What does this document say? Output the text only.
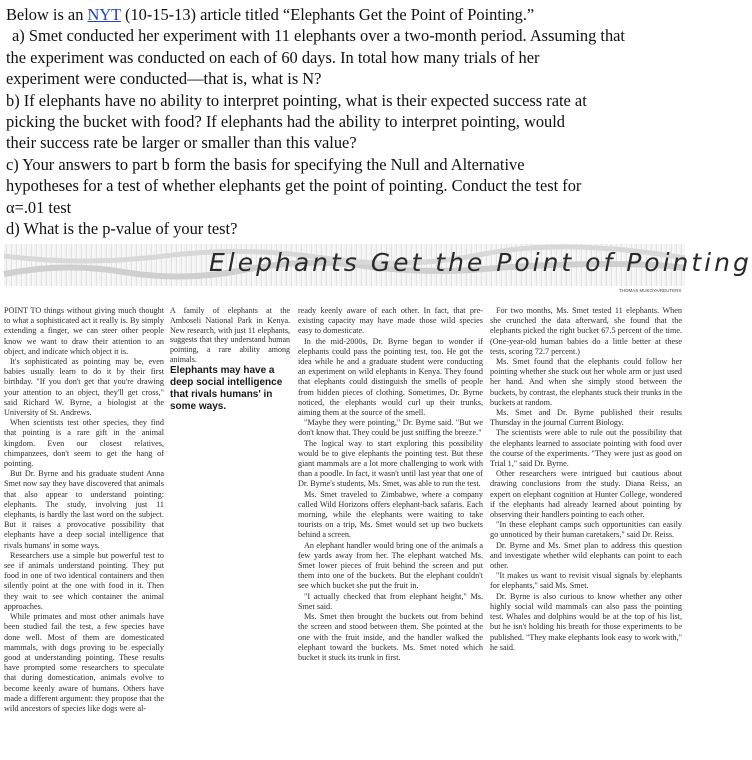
Below is an NYT (10-15-13) article titled “Elephants Get the Point of Pointing.”

a) Smet conducted her experiment with 11 elephants over a two-month period. Assuming that

the experiment was conducted on each of 60 days. In total how many trials of her

experiment were conducted—that is, what is N?

b) If elephants have no ability to interpret pointing, what is their expected success rate at

picking the bucket with food? If elephants had the ability to interpret pointing, would

their success rate be larger or smaller than this value?

c) Your answers to part b form the basis for specifying the Null and Alternative

hypotheses for a test of whether elephants get the point of pointing. Conduct the test for

α=.01 test

d) What is the p-value of your test?

Elephants Get the Point of Pointing
THOMAS MUKOYA/REUTERS

POINT TO things without giving much thought to what a sophisticated act it really is. By simply extending a finger, we can steer other people know we want to draw their attention to an object, and indicate which object it is.

It's sophisticated as pointing may be, even babies usually learn to do it by their first birthday. "If you don't get that you're drawing your attention to an object, they'll get cross," said Richard W. Byrne, a biologist at the University of St. Andrews.

When scientists test other species, they find that pointing is a rare gift in the animal kingdom. Even our closest relatives, chimpanzees, don't seem to get the hang of pointing.

But Dr. Byrne and his graduate student Anna Smet now say they have discovered that animals that also appear to understand pointing: elephants. The study, involving just 11 elephants, is hardly the last word on the subject. But it raises a provocative possibility that elephants have a deep social intelligence that rivals humans' in some ways.

Researchers use a simple but powerful test to see if animals understand pointing. They put food in one of two identical containers and then silently point at the one with food in it. Then they wait to see which container the animal approaches.

While primates and most other animals have been studied fail the test, a few species have done well. Most of them are domesticated mammals, with dogs proving to be especially good at understanding pointing. These results have prompted some researchers to speculate that during domestication, animals evolve to become keenly aware of humans. Others have made a different argument: they propose that the wild ancestors of species like dogs were al-

A family of elephants at the Amboseli National Park in Kenya. New research, with just 11 elephants, suggests that they understand human pointing, a rare ability among animals.

Elephants may have a deep social intelligence that rivals humans' in some ways.

ready keenly aware of each other. In fact, that pre-existing capacity may have made those wild species easy to domesticate.

In the mid-2000s, Dr. Byrne began to wonder if elephants could pass the pointing test, too. He got the idea while he and a graduate student were conducting an experiment on wild elephants in Kenya. They found that elephants could distinguish the smells of people from hidden pieces of clothing. Sometimes, Dr. Byrne noticed, the elephants would curl up their trunks, aiming them at the source of the smell.

"Maybe they were pointing," Dr. Byrne said. "But we don't know that. They could be just sniffing the breeze."

The logical way to start exploring this possibility would be to give elephants the pointing test. But these giant mammals are a lot more challenging to work with than a poodle. In fact, it wasn't until last year that one of Dr. Byrne's students, Ms. Smet, was able to run the test.

Ms. Smet traveled to Zimbabwe, where a company called Wild Horizons offers elephant-back safaris. Each morning, while the elephants were waiting to take tourists on a trip, Ms. Smet would set up two buckets behind a screen.

An elephant handler would bring one of the animals a few yards away from her. The elephant watched Ms. Smet lower pieces of fruit behind the screen and put them into one of the buckets. But the elephant couldn't see which bucket she put the fruit in.

"I actually checked that from elephant height," Ms. Smet said.

Ms. Smet then brought the buckets out from behind the screen and stood between them. She pointed at the one with the fruit inside, and the handler walked the elephant toward the buckets. Ms. Smet noted which bucket it stuck its trunk in first.

For two months, Ms. Smet tested 11 elephants. When she crunched the data afterward, she found that the elephants picked the right bucket 67.5 percent of the time. (One-year-old human babies do a little better at these tests, scoring 72.7 percent.)

Ms. Smet found that the elephants could follow her pointing whether she stuck out her whole arm or just used her hand. And when she simply stood between the buckets, by contrast, the elephants stuck their trunks in the buckets at random.

Ms. Smet and Dr. Byrne published their results Thursday in the journal Current Biology.

The scientists were able to rule out the possibility that the elephants learned to associate pointing with food over the course of the experiments. "They were just as good on Trial 1," said Dr. Byrne.

Other researchers were intrigued but cautious about drawing conclusions from the study. Diana Reiss, an expert on elephant cognition at Hunter College, wondered if the elephants had already learned about pointing by observing their handlers pointing to each other.

"In these elephant camps such opportunities can easily go unnoticed by their human caretakers," said Dr. Reiss.

Dr. Byrne and Ms. Smet plan to address this question and investigate whether wild elephants can point to each other.

"It makes us want to revisit visual signals by elephants for elephants," said Ms. Smet.

Dr. Byrne is also curious to know whether any other highly social wild mammals can also pass the pointing test. Whales and dolphins would be at the top of his list, but he isn't holding his breath for those experiments to be published. "They make elephants look easy to work with," he said.
